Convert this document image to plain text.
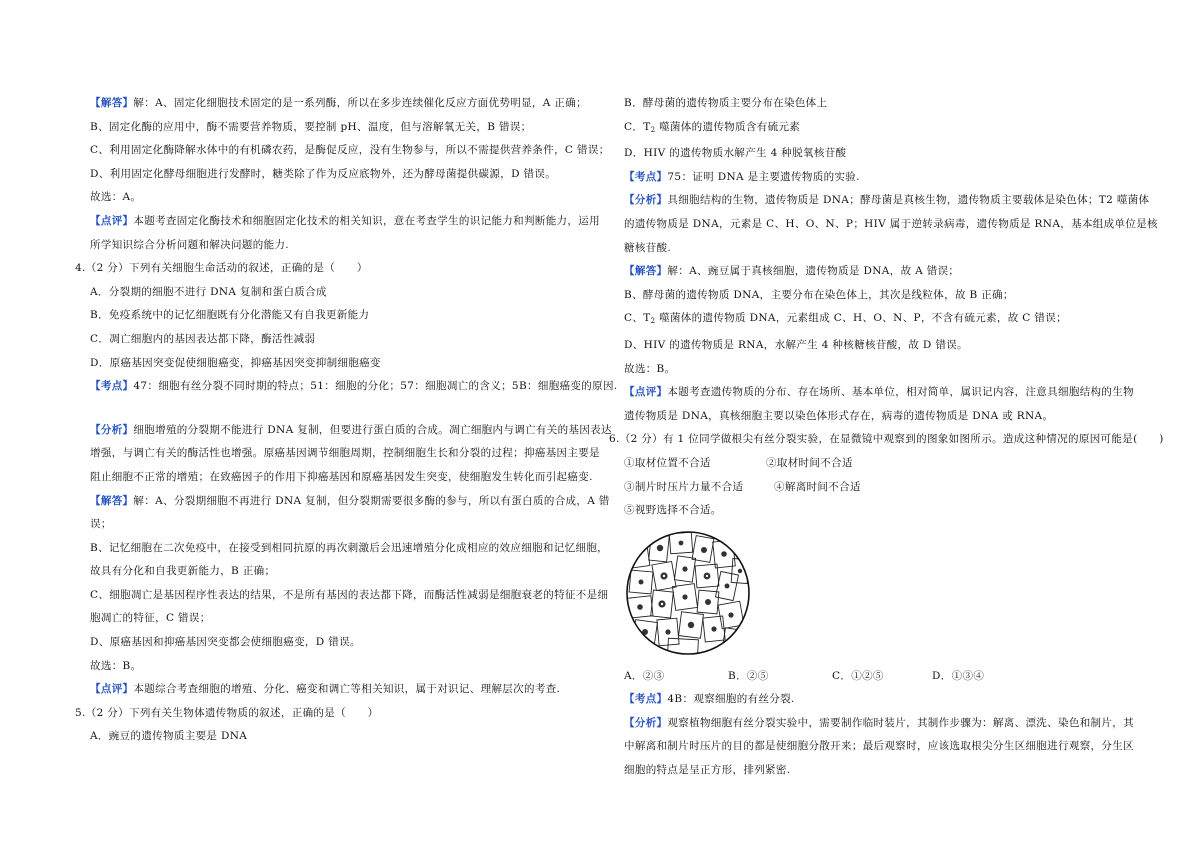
【解答】解：A、固定化细胞技术固定的是一系列酶，所以在多步连续催化反应方面优势明显，A 正确；
B、固定化酶的应用中，酶不需要营养物质，要控制 pH、温度，但与溶解氧无关，B 错误；
C、利用固定化酶降解水体中的有机磷农药，是酶促反应，没有生物参与，所以不需提供营养条件，C 错误；
D、利用固定化酵母细胞进行发酵时，糖类除了作为反应底物外，还为酵母菌提供碳源，D 错误。
故选：A。
【点评】本题考查固定化酶技术和细胞固定化技术的相关知识，意在考查学生的识记能力和判断能力，运用
所学知识综合分析问题和解决问题的能力.
4.（2 分）下列有关细胞生命活动的叙述，正确的是（　　）
A．分裂期的细胞不进行 DNA 复制和蛋白质合成
B．免疫系统中的记忆细胞既有分化潜能又有自我更新能力
C．凋亡细胞内的基因表达都下降，酶活性减弱
D．原癌基因突变促使细胞癌变，抑癌基因突变抑制细胞癌变
【考点】47：细胞有丝分裂不同时期的特点；51：细胞的分化；57：细胞凋亡的含义；5B：细胞癌变的原因.
【分析】细胞增殖的分裂期不能进行 DNA 复制，但要进行蛋白质的合成。凋亡细胞内与调亡有关的基因表达
增强，与调亡有关的酶活性也增强。原癌基因调节细胞周期，控制细胞生长和分裂的过程；抑癌基因主要是
阻止细胞不正常的增殖；在致癌因子的作用下抑癌基因和原癌基因发生突变，使细胞发生转化而引起癌变.
【解答】解：A、分裂期细胞不再进行 DNA 复制，但分裂期需要很多酶的参与，所以有蛋白质的合成，A 错
误；
B、记忆细胞在二次免疫中，在接受到相同抗原的再次刺激后会迅速增殖分化成相应的效应细胞和记忆细胞，
故具有分化和自我更新能力，B 正确；
C、细胞凋亡是基因程序性表达的结果，不是所有基因的表达都下降，而酶活性减弱是细胞衰老的特征不是细
胞凋亡的特征，C 错误；
D、原癌基因和抑癌基因突变都会使细胞癌变，D 错误。
故选：B。
【点评】本题综合考查细胞的增殖、分化、癌变和调亡等相关知识，属于对识记、理解层次的考查.
5.（2 分）下列有关生物体遗传物质的叙述，正确的是（　　）
A．豌豆的遗传物质主要是 DNA
B．酵母菌的遗传物质主要分布在染色体上
C．$T_2$ 噬菌体的遗传物质含有硫元素
D．HIV 的遗传物质水解产生 4 种脱氧核苷酸
【考点】75：证明 DNA 是主要遗传物质的实验.
【分析】具细胞结构的生物，遗传物质是 DNA；酵母菌是真核生物，遗传物质主要载体是染色体；T2 噬菌体
的遗传物质是 DNA，元素是 C、H、O、N、P；HIV 属于逆转录病毒，遗传物质是 RNA，基本组成单位是核
糖核苷酸.
【解答】解：A、豌豆属于真核细胞，遗传物质是 DNA，故 A 错误；
B、酵母菌的遗传物质 DNA，主要分布在染色体上，其次是线粒体，故 B 正确；
C、$T_2$ 噬菌体的遗传物质 DNA，元素组成 C、H、O、N、P，不含有硫元素，故 C 错误；
D、HIV 的遗传物质是 RNA，水解产生 4 种核糖核苷酸，故 D 错误。
故选：B。
【点评】本题考查遗传物质的分布、存在场所、基本单位，相对简单，属识记内容，注意具细胞结构的生物
遗传物质是 DNA，真核细胞主要以染色体形式存在，病毒的遗传物质是 DNA 或 RNA。
6.（2 分）有 1 位同学做根尖有丝分裂实验，在显微镜中观察到的图象如图所示。造成这种情况的原因可能是(　　)
①取材位置不合适	②取材时间不合适
③制片时压片力量不合适	④解离时间不合适
⑤视野选择不合适。
A．②③	B．②⑤	C．①②⑤	D．①③④
【考点】4B：观察细胞的有丝分裂.
【分析】观察植物细胞有丝分裂实验中，需要制作临时装片，其制作步骤为：解离、漂洗、染色和制片，其
中解离和制片时压片的目的都是使细胞分散开来；最后观察时，应该选取根尖分生区细胞进行观察，分生区
细胞的特点是呈正方形，排列紧密.
